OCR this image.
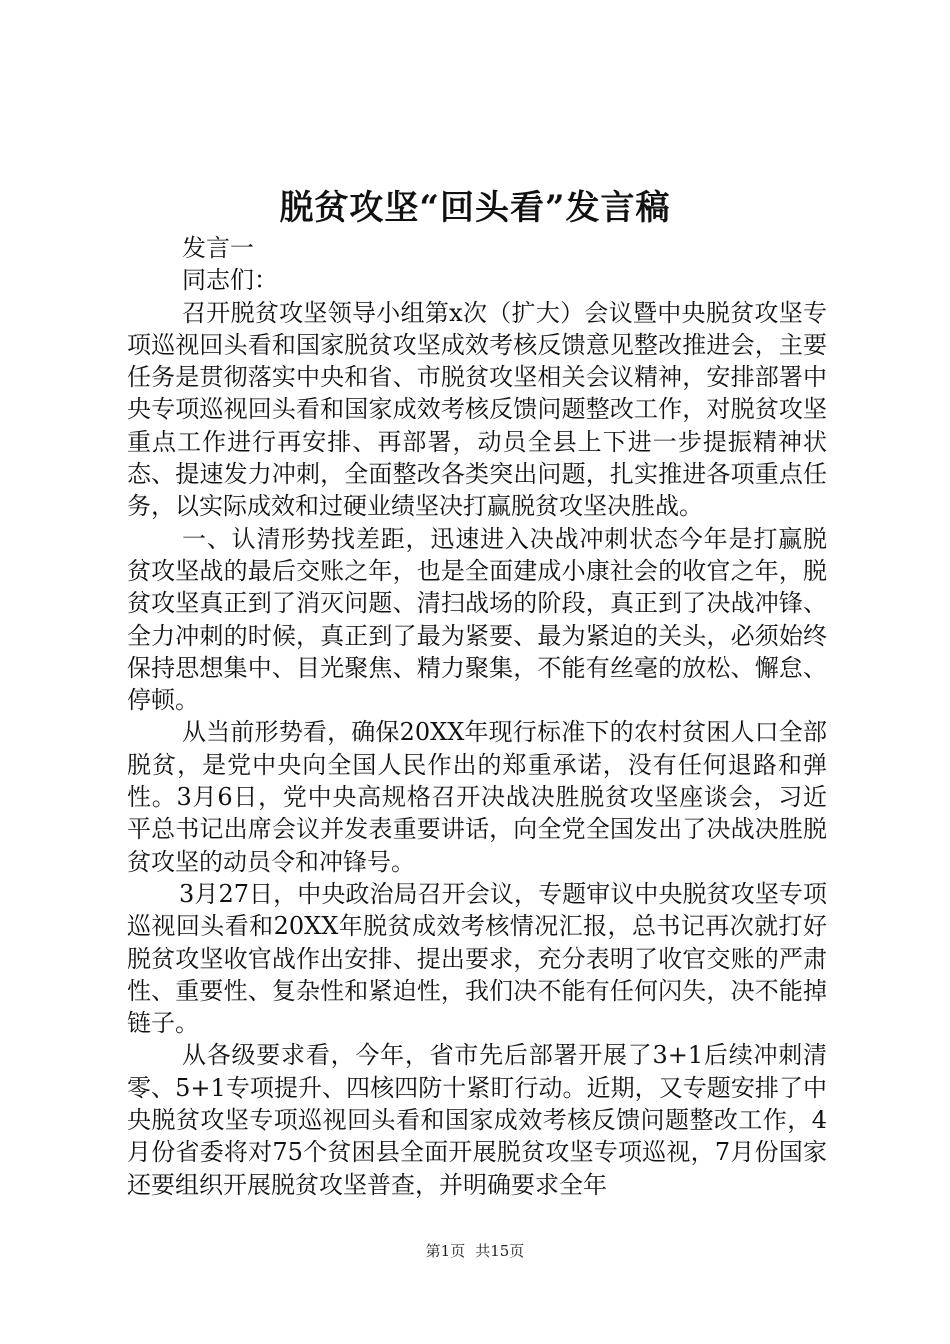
脱贫攻坚“回头看”发言稿

发言一

同志们：

召开脱贫攻坚领导小组第x次（扩大）会议暨中央脱贫攻坚专项巡视回头看和国家脱贫攻坚成效考核反馈意见整改推进会，主要任务是贯彻落实中央和省、市脱贫攻坚相关会议精神，安排部署中央专项巡视回头看和国家成效考核反馈问题整改工作，对脱贫攻坚重点工作进行再安排、再部署，动员全县上下进一步提振精神状态、提速发力冲刺，全面整改各类突出问题，扎实推进各项重点任务，以实际成效和过硬业绩坚决打赢脱贫攻坚决胜战。

一、认清形势找差距，迅速进入决战冲刺状态今年是打赢脱贫攻坚战的最后交账之年，也是全面建成小康社会的收官之年，脱贫攻坚真正到了消灭问题、清扫战场的阶段，真正到了决战冲锋、全力冲刺的时候，真正到了最为紧要、最为紧迫的关头，必须始终保持思想集中、目光聚焦、精力聚集，不能有丝毫的放松、懈怠、停顿。

从当前形势看，确保20XX年现行标准下的农村贫困人口全部脱贫，是党中央向全国人民作出的郑重承诺，没有任何退路和弹性。3月6日，党中央高规格召开决战决胜脱贫攻坚座谈会，习近平总书记出席会议并发表重要讲话，向全党全国发出了决战决胜脱贫攻坚的动员令和冲锋号。

3月27日，中央政治局召开会议，专题审议中央脱贫攻坚专项巡视回头看和20XX年脱贫成效考核情况汇报，总书记再次就打好脱贫攻坚收官战作出安排、提出要求，充分表明了收官交账的严肃性、重要性、复杂性和紧迫性，我们决不能有任何闪失，决不能掉链子。

从各级要求看，今年，省市先后部署开展了3+1后续冲刺清零、5+1专项提升、四核四防十紧盯行动。近期，又专题安排了中央脱贫攻坚专项巡视回头看和国家成效考核反馈问题整改工作，4月份省委将对75个贫困县全面开展脱贫攻坚专项巡视，7月份国家还要组织开展脱贫攻坚普查，并明确要求全年

第1页 共15页
